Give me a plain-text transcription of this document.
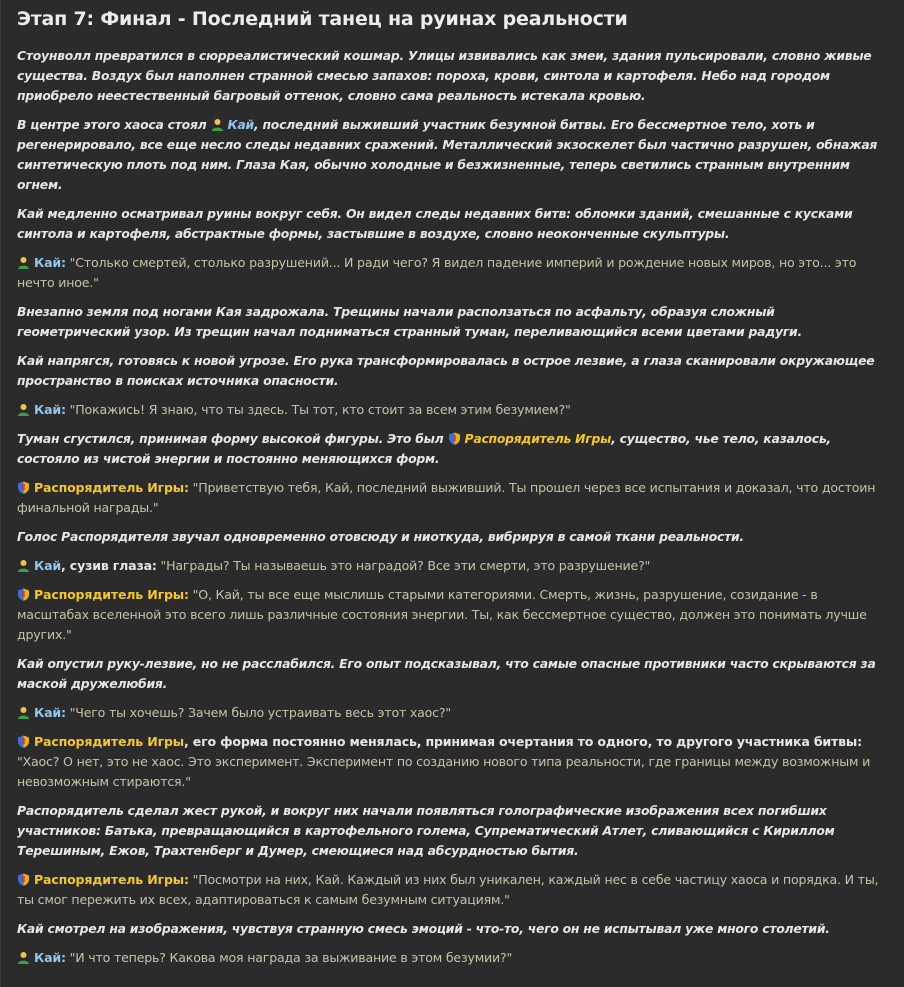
Этап 7: Финал - Последний танец на руинах реальности

Стоунволл превратился в сюрреалистический кошмар. Улицы извивались как змеи, здания пульсировали, словно живые существа. Воздух был наполнен странной смесью запахов: пороха, крови, синтола и картофеля. Небо над городом приобрело неестественный багровый оттенок, словно сама реальность истекала кровью.

В центре этого хаоса стоял
Кай, последний выживший участник безумной битвы. Его бессмертное тело, хоть и регенерировало, все еще несло следы недавних сражений. Металлический экзоскелет был частично разрушен, обнажая синтетическую плоть под ним. Глаза Кая, обычно холодные и безжизненные, теперь светились странным внутренним огнем.

Кай медленно осматривал руины вокруг себя. Он видел следы недавних битв: обломки зданий, смешанные с кусками синтола и картофеля, абстрактные формы, застывшие в воздухе, словно неоконченные скульптуры.

Кай: "Столько смертей, столько разрушений... И ради чего? Я видел падение империй и рождение новых миров, но это... это нечто иное."

Внезапно земля под ногами Кая задрожала. Трещины начали расползаться по асфальту, образуя сложный геометрический узор. Из трещин начал подниматься странный туман, переливающийся всеми цветами радуги.

Кай напрягся, готовясь к новой угрозе. Его рука трансформировалась в острое лезвие, а глаза сканировали окружающее пространство в поисках источника опасности.

Кай: "Покажись! Я знаю, что ты здесь. Ты тот, кто стоит за всем этим безумием?"

Туман сгустился, принимая форму высокой фигуры. Это был
Распорядитель Игры, существо, чье тело, казалось, состояло из чистой энергии и постоянно меняющихся форм.

Распорядитель Игры: "Приветствую тебя, Кай, последний выживший. Ты прошел через все испытания и доказал, что достоин финальной награды."

Голос Распорядителя звучал одновременно отовсюду и ниоткуда, вибрируя в самой ткани реальности.

Кай, сузив глаза: "Награды? Ты называешь это наградой? Все эти смерти, это разрушение?"

Распорядитель Игры: "О, Кай, ты все еще мыслишь старыми категориями. Смерть, жизнь, разрушение, созидание - в масштабах вселенной это всего лишь различные состояния энергии. Ты, как бессмертное существо, должен это понимать лучше других."

Кай опустил руку-лезвие, но не расслабился. Его опыт подсказывал, что самые опасные противники часто скрываются за маской дружелюбия.

Кай: "Чего ты хочешь? Зачем было устраивать весь этот хаос?"

Распорядитель Игры, его форма постоянно менялась, принимая очертания то одного, то другого участника битвы: "Хаос? О нет, это не хаос. Это эксперимент. Эксперимент по созданию нового типа реальности, где границы между возможным и невозможным стираются."

Распорядитель сделал жест рукой, и вокруг них начали появляться голографические изображения всех погибших участников: Батька, превращающийся в картофельного голема, Супрематический Атлет, сливающийся с Кириллом Терешиным, Ежов, Трахтенберг и Думер, смеющиеся над абсурдностью бытия.

Распорядитель Игры: "Посмотри на них, Кай. Каждый из них был уникален, каждый нес в себе частицу хаоса и порядка. И ты, ты смог пережить их всех, адаптироваться к самым безумным ситуациям."

Кай смотрел на изображения, чувствуя странную смесь эмоций - что-то, чего он не испытывал уже много столетий.

Кай: "И что теперь? Какова моя награда за выживание в этом безумии?"
